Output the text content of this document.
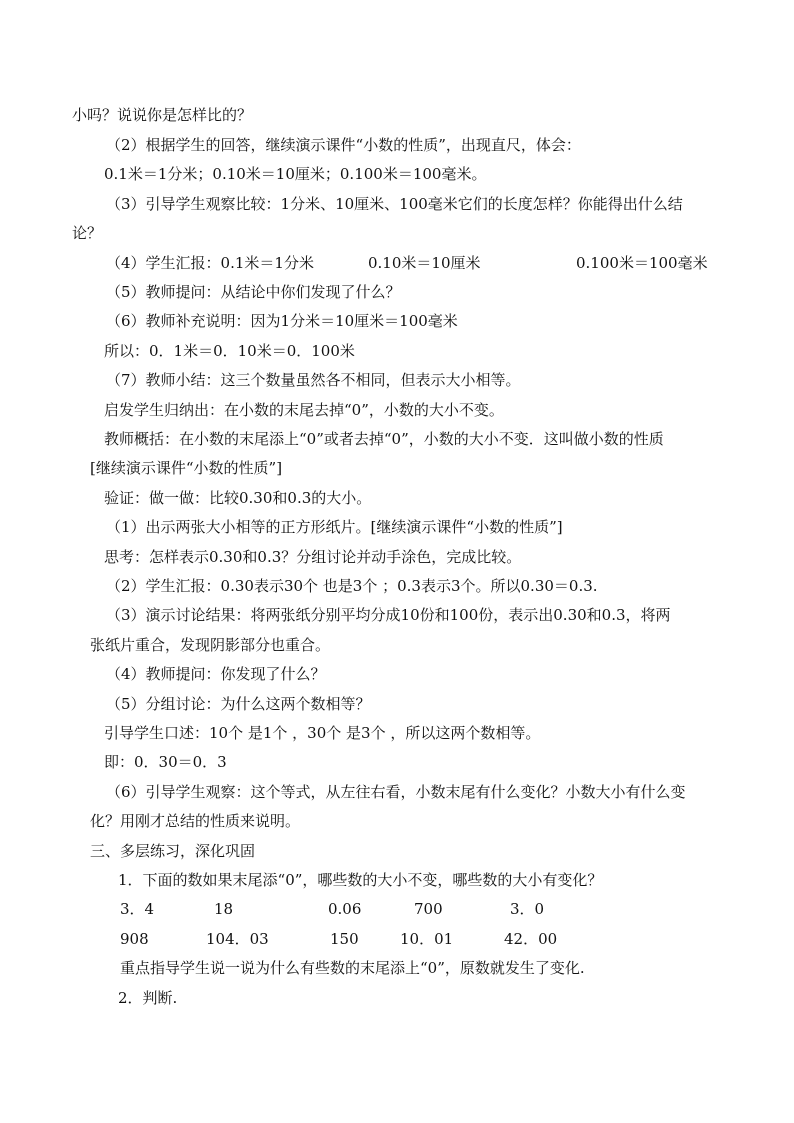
小吗？说说你是怎样比的？
（2）根据学生的回答，继续演示课件“小数的性质”，出现直尺，体会：
0.1米＝1分米；0.10米＝10厘米；0.100米＝100毫米。
（3）引导学生观察比较：1分米、10厘米、100毫米它们的长度怎样？你能得出什么结
论？
（4）学生汇报：0.1米＝1分米	0.10米＝10厘米	0.100米＝100毫米
（5）教师提问：从结论中你们发现了什么？
（6）教师补充说明：因为1分米＝10厘米＝100毫米
所以：0．1米＝0．10米＝0．100米
（7）教师小结：这三个数量虽然各不相同，但表示大小相等。
启发学生归纳出：在小数的末尾去掉“0”，小数的大小不变。
教师概括：在小数的末尾添上“0”或者去掉“0”，小数的大小不变．这叫做小数的性质
[继续演示课件“小数的性质”]
验证：做一做：比较0.30和0.3的大小。
（1）出示两张大小相等的正方形纸片。[继续演示课件“小数的性质”]
思考：怎样表示0.30和0.3？分组讨论并动手涂色，完成比较。
（2）学生汇报：0.30表示30个 也是3个 ；0.3表示3个。所以0.30＝0.3.
（3）演示讨论结果：将两张纸分别平均分成10份和100份，表示出0.30和0.3，将两
张纸片重合，发现阴影部分也重合。
（4）教师提问：你发现了什么？
（5）分组讨论：为什么这两个数相等？
引导学生口述：10个 是1个 ，30个 是3个 ，所以这两个数相等。
即：0．30＝0．3
（6）引导学生观察：这个等式，从左往右看，小数末尾有什么变化？小数大小有什么变
化？用刚才总结的性质来说明。
三、多层练习，深化巩固
1．下面的数如果末尾添“0”，哪些数的大小不变，哪些数的大小有变化？
3．4	18	0.06	700	3．0
908	104．03	150	10．01	42．00
重点指导学生说一说为什么有些数的末尾添上“0”，原数就发生了变化.
2．判断.
